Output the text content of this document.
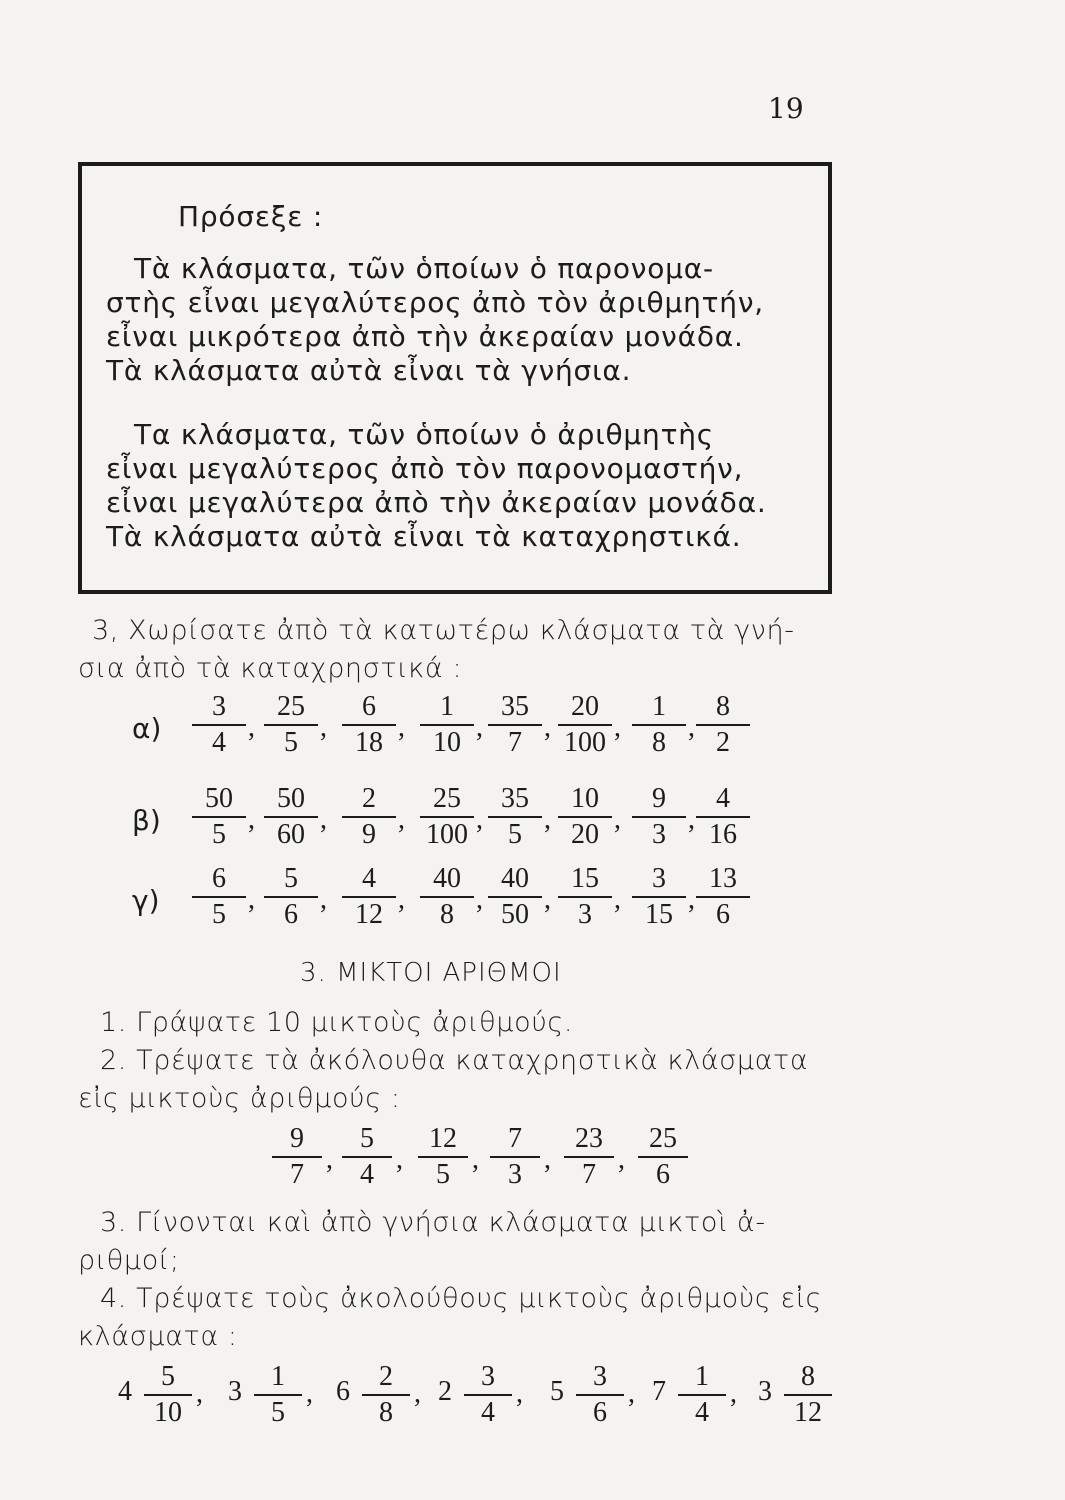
19
Πρόσεξε :
Τὰ κλάσματα, τῶν ὁποίων ὁ παρονομα-
στὴς εἶναι μεγαλύτερος ἀπὸ τὸν ἀριθμητήν,
εἶναι μικρότερα ἀπὸ τὴν ἀκεραίαν μονάδα.
Τὰ κλάσματα αὐτὰ εἶναι τὰ γνήσια.
Τα κλάσματα, τῶν ὁποίων ὁ ἀριθμητὴς
εἶναι μεγαλύτερος ἀπὸ τὸν παρονομαστήν,
εἶναι μεγαλύτερα ἀπὸ τὴν ἀκεραίαν μονάδα.
Τὰ κλάσματα αὐτὰ εἶναι τὰ καταχρηστικά.
3, Χωρίσατε ἀπὸ τὰ κατωτέρω κλάσματα τὰ γνή-
σια ἀπὸ τὰ καταχρηστικά :
α)
3
4 ,
25
5 ,
6
18 ,
1
10 ,
35
7 ,
20
100 ,
1
8 ,
8
2
β)
50
5 ,
50
60 ,
2
9 ,
25
100 ,
35
5 ,
10
20 ,
9
3 ,
4
16
γ)
6
5 ,
5
6 ,
4
12 ,
40
8 ,
40
50 ,
15
3 ,
3
15 ,
13
6
3. ΜΙΚΤΟΙ ΑΡΙΘΜΟΙ
1. Γράψατε 10 μικτοὺς ἀριθμούς.
2. Τρέψατε τὰ ἀκόλουθα καταχρηστικὰ κλάσματα
εἰς μικτοὺς ἀριθμούς :
9
7 ,
5
4 ,
12
5 ,
7
3 ,
23
7 ,
25
6
3. Γίνονται καὶ ἀπὸ γνήσια κλάσματα μικτοὶ ἀ-
ριθμοί;
4. Τρέψατε τοὺς ἀκολούθους μικτοὺς ἀριθμοὺς εἰς
κλάσματα :
4	5
10
, 3	1
5
, 6	2
8
, 2	3
4
, 5	3
6
, 7	1
4
, 3	8
12
